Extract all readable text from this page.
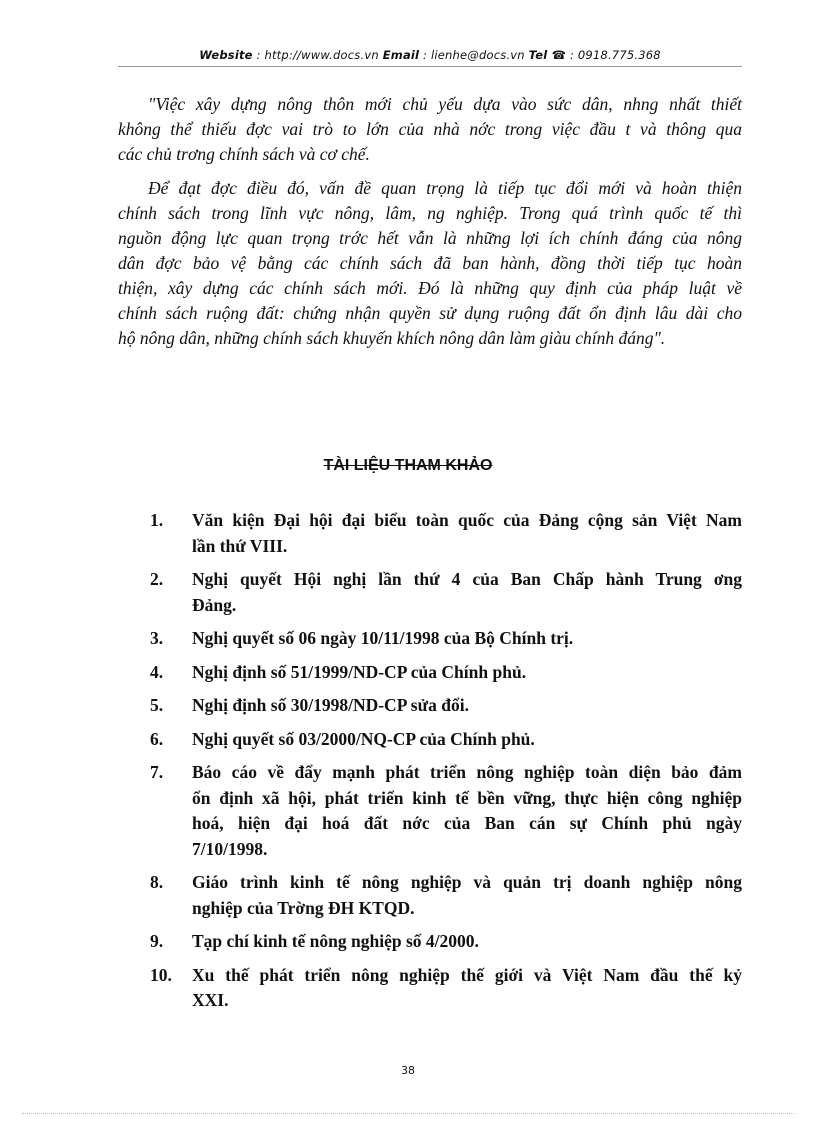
Website : http://www.docs.vn Email : lienhe@docs.vn Tel ☎ : 0918.775.368
"Việc xây dựng nông thôn mới chủ yếu dựa vào sức dân, nhng nhất thiết
không thể thiếu đợc vai trò to lớn của nhà nớc trong việc đầu t và thông qua
các chủ trơng chính sách và cơ chế.
Để đạt đợc điều đó, vấn đề quan trọng là tiếp tục đổi mới và hoàn thiện
chính sách trong lĩnh vực nông, lâm, ng nghiệp. Trong quá trình quốc tế thì
nguồn động lực quan trọng trớc hết vẫn là những lợi ích chính đáng của nông
dân đợc bảo vệ bằng các chính sách đã ban hành, đồng thời tiếp tục hoàn
thiện, xây dựng các chính sách mới. Đó là những quy định của pháp luật về
chính sách ruộng đất: chứng nhận quyền sử dụng ruộng đất ổn định lâu dài cho
hộ nông dân, những chính sách khuyến khích nông dân làm giàu chính đáng".
TÀI LIỆU THAM KHẢO
1. Văn kiện Đại hội đại biểu toàn quốc của Đảng cộng sản Việt Nam
lần thứ VIII.
2. Nghị quyết Hội nghị lần thứ 4 của Ban Chấp hành Trung ơng
Đảng.
3. Nghị quyết số 06 ngày 10/11/1998 của Bộ Chính trị.
4. Nghị định số 51/1999/ND-CP của Chính phủ.
5. Nghị định số 30/1998/ND-CP sửa đổi.
6. Nghị quyết số 03/2000/NQ-CP của Chính phủ.
7. Báo cáo về đẩy mạnh phát triển nông nghiệp toàn diện bảo đảm
ổn định xã hội, phát triển kinh tế bền vững, thực hiện công nghiệp
hoá, hiện đại hoá đất nớc của Ban cán sự Chính phủ ngày
7/10/1998.
8. Giáo trình kinh tế nông nghiệp và quản trị doanh nghiệp nông
nghiệp của Trờng ĐH KTQD.
9. Tạp chí kinh tế nông nghiệp số 4/2000.
10. Xu thế phát triển nông nghiệp thế giới và Việt Nam đầu thế kỷ
XXI.
38
